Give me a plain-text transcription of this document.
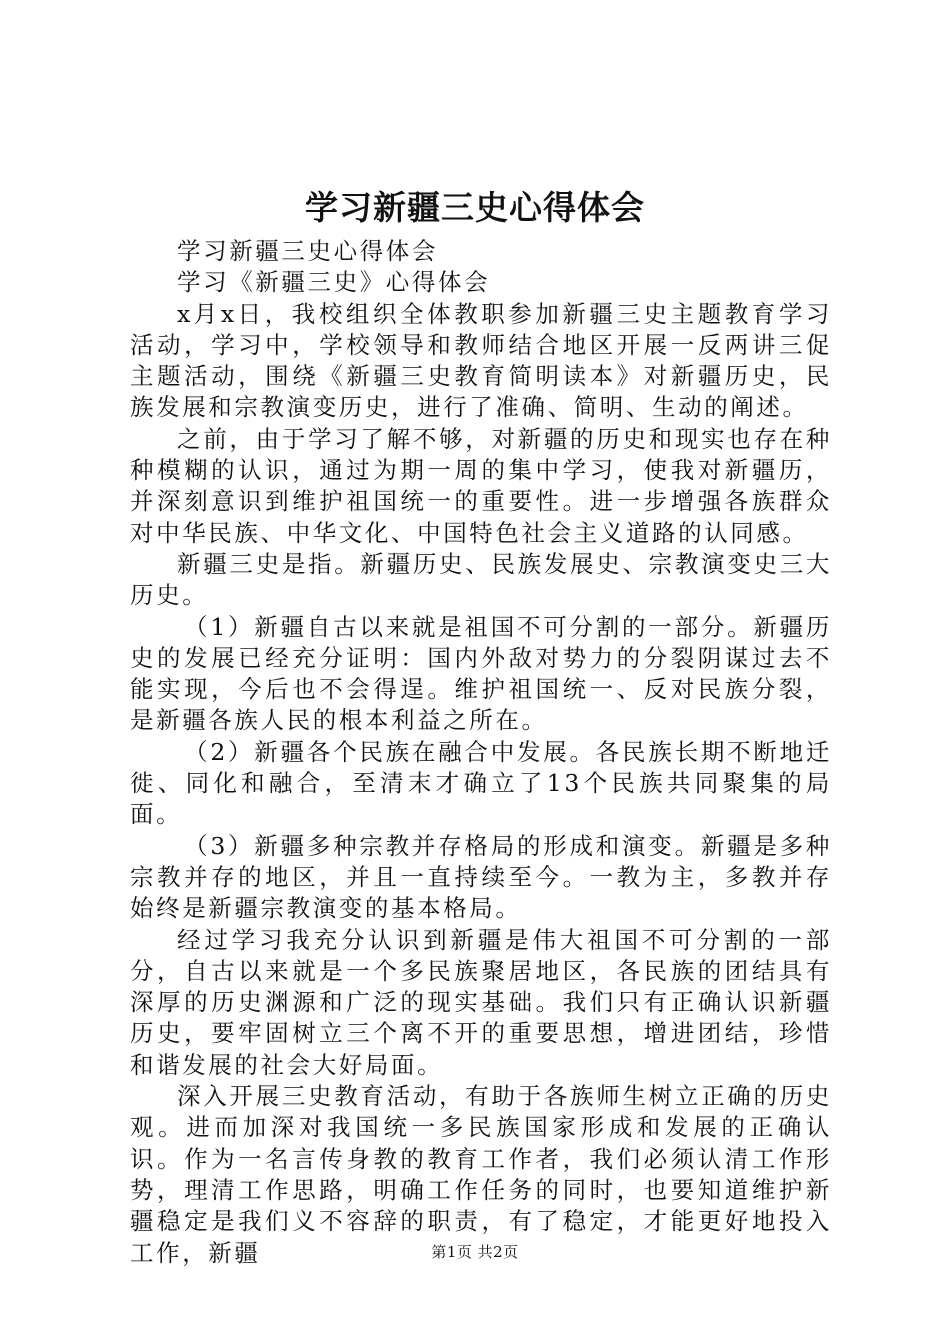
学习新疆三史心得体会

学习新疆三史心得体会

学习《新疆三史》心得体会

x月x日，我校组织全体教职参加新疆三史主题教育学习活动，学习中，学校领导和教师结合地区开展一反两讲三促主题活动，围绕《新疆三史教育简明读本》对新疆历史，民族发展和宗教演变历史，进行了准确、简明、生动的阐述。

之前，由于学习了解不够，对新疆的历史和现实也存在种种模糊的认识，通过为期一周的集中学习，使我对新疆历，并深刻意识到维护祖国统一的重要性。进一步增强各族群众对中华民族、中华文化、中国特色社会主义道路的认同感。

新疆三史是指。新疆历史、民族发展史、宗教演变史三大历史。

（1）新疆自古以来就是祖国不可分割的一部分。新疆历史的发展已经充分证明：国内外敌对势力的分裂阴谋过去不能实现，今后也不会得逞。维护祖国统一、反对民族分裂，是新疆各族人民的根本利益之所在。

（2）新疆各个民族在融合中发展。各民族长期不断地迁徙、同化和融合，至清末才确立了13个民族共同聚集的局面。

（3）新疆多种宗教并存格局的形成和演变。新疆是多种宗教并存的地区，并且一直持续至今。一教为主，多教并存始终是新疆宗教演变的基本格局。

经过学习我充分认识到新疆是伟大祖国不可分割的一部分，自古以来就是一个多民族聚居地区，各民族的团结具有深厚的历史渊源和广泛的现实基础。我们只有正确认识新疆历史，要牢固树立三个离不开的重要思想，增进团结，珍惜和谐发展的社会大好局面。

深入开展三史教育活动，有助于各族师生树立正确的历史观。进而加深对我国统一多民族国家形成和发展的正确认识。作为一名言传身教的教育工作者，我们必须认清工作形势，理清工作思路，明确工作任务的同时，也要知道维护新疆稳定是我们义不容辞的职责，有了稳定，才能更好地投入工作，新疆	第1页 共2页
